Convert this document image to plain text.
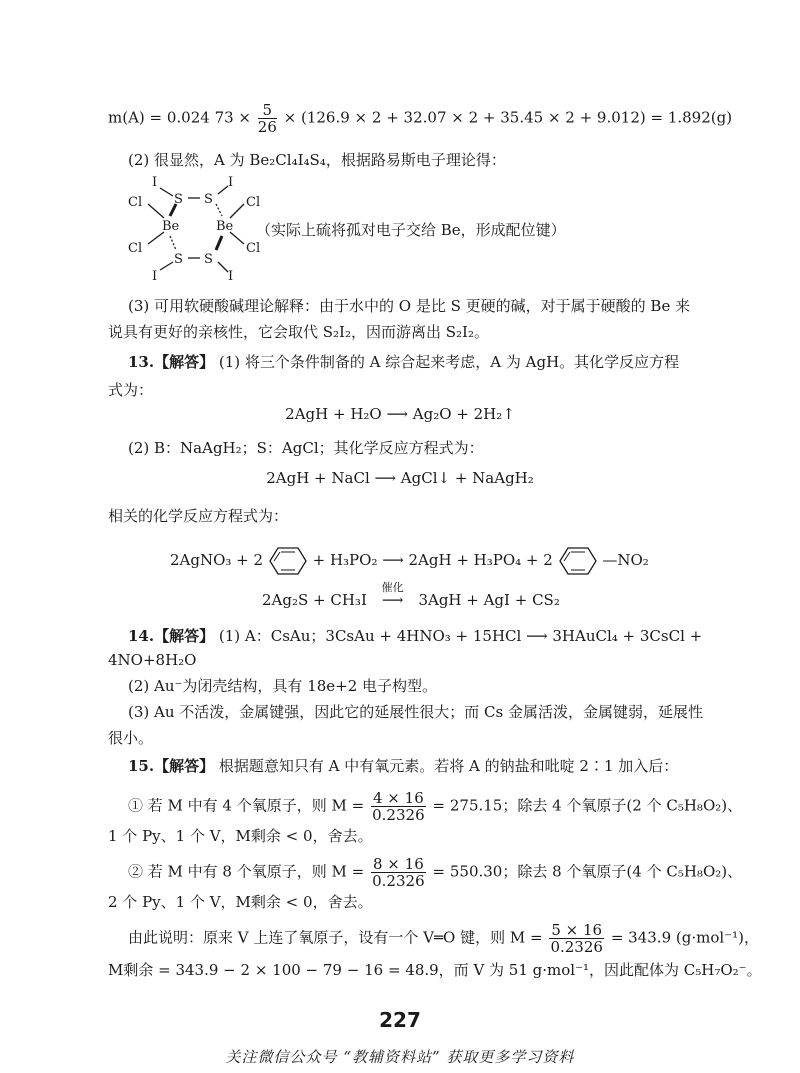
m(A) = 0.024 $73 \times \frac{5}{26} \times (126.9 \times 2 + 32.07 \times 2 + 35.45 \times 2 + 9.012) = 1.892(g)$
(2) 很显然，A 为 Be₂Cl₄I₄S₄，根据路易斯电子理论得：
I
S S
I
Cl
Be	Be
Cl
Cl	Cl
S S
I	I
（实际上硫将孤对电子交给 Be，形成配位键）
(3) 可用软硬酸碱理论解释：由于水中的 O 是比 S 更硬的碱，对于属于硬酸的 Be 来
说具有更好的亲核性，它会取代 S₂I₂，因而游离出 S₂I₂。
13.【解答】 (1) 将三个条件制备的 A 综合起来考虑，A 为 AgH。其化学反应方程
式为：
2AgH + H₂O ⟶ Ag₂O + 2H₂↑
(2) B：NaAgH₂；S：AgCl；其化学反应方程式为：
2AgH + NaCl ⟶ AgCl↓ + NaAgH₂
相关的化学反应方程式为：
2AgNO₃ + 2	+ H₃PO₂ ⟶ 2AgH + H₃PO₄ + 2	—NO₂
2Ag₂S + CH₃I
催化
⟶ 3AgH + AgI + CS₂
14.【解答】 (1) A：CsAu；3CsAu + 4HNO₃ + 15HCl ⟶ 3HAuCl₄ + 3CsCl +
4NO+8H₂O
(2) Au⁻为闭壳结构，具有 18e+2 电子构型。
(3) Au 不活泼，金属键强，因此它的延展性很大；而 Cs 金属活泼，金属键弱，延展性
很小。
15.【解答】 根据题意知只有 A 中有氧元素。若将 A 的钠盐和吡啶 2∶1 加入后：
① 若 M 中有 4 个氧原子，则 $M = \frac{4 \times 16}{0.2326} = 275.15$；除去 4 个氧原子(2 个 C₅H₈O₂)、
1 个 Py、1 个 V，M剩余 < 0，舍去。
② 若 M 中有 8 个氧原子，则 $M = \frac{8 \times 16}{0.2326} = 550.30$；除去 8 个氧原子(4 个 C₅H₈O₂)、
2 个 Py、1 个 V，M剩余 < 0，舍去。
由此说明：原来 V 上连了氧原子，设有一个 V═O 键，则 $M = \frac{5 \times 16}{0.2326} = 343.9$ (g·mol⁻¹)，
M剩余 = 343.9 − 2 × 100 − 79 − 16 = 48.9，而 V 为 51 g·mol⁻¹，因此配体为 C₅H₇O₂⁻。
227
关注微信公众号 “教辅资料站” 获取更多学习资料
